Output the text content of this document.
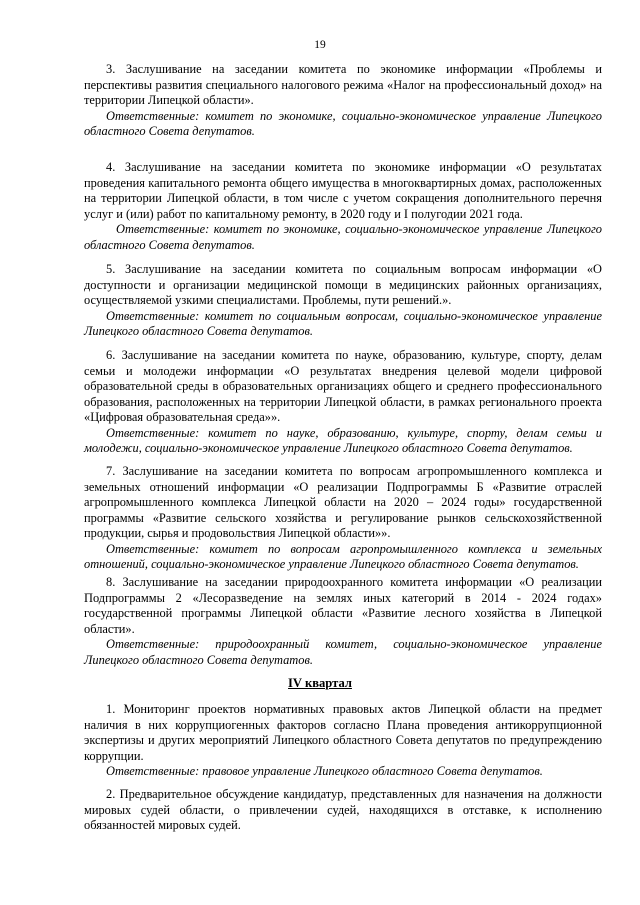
19

3. Заслушивание на заседании комитета по экономике информации «Проблемы и перспективы развития специального налогового режима «Налог на профессиональный доход» на территории Липецкой области».

Ответственные: комитет по экономике, социально-экономическое управление Липецкого областного Совета депутатов.

4. Заслушивание на заседании комитета по экономике информации «О результатах проведения капитального ремонта общего имущества в многоквартирных домах, расположенных на территории Липецкой области, в том числе с учетом сокращения дополнительного перечня услуг и (или) работ по капитальному ремонту, в 2020 году и I полугодии 2021 года.

Ответственные: комитет по экономике, социально-экономическое управление Липецкого областного Совета депутатов.

5. Заслушивание на заседании комитета по социальным вопросам информации «О доступности и организации медицинской помощи в медицинских районных организациях, осуществляемой узкими специалистами. Проблемы, пути решений.».

Ответственные: комитет по социальным вопросам, социально-экономическое управление Липецкого областного Совета депутатов.

6. Заслушивание на заседании комитета по науке, образованию, культуре, спорту, делам семьи и молодежи информации «О результатах внедрения целевой модели цифровой образовательной среды в образовательных организациях общего и среднего профессионального образования, расположенных на территории Липецкой области, в рамках регионального проекта «Цифровая образовательная среда»».

Ответственные: комитет по науке, образованию, культуре, спорту, делам семьи и молодежи, социально-экономическое управление Липецкого областного Совета депутатов.

7. Заслушивание на заседании комитета по вопросам агропромышленного комплекса и земельных отношений информации «О реализации Подпрограммы Б «Развитие отраслей агропромышленного комплекса Липецкой области на 2020 – 2024 годы» государственной программы «Развитие сельского хозяйства и регулирование рынков сельскохозяйственной продукции, сырья и продовольствия Липецкой области»».

Ответственные: комитет по вопросам агропромышленного комплекса и земельных отношений, социально-экономическое управление Липецкого областного Совета депутатов.

8. Заслушивание на заседании природоохранного комитета информации «О реализации Подпрограммы 2 «Лесоразведение на землях иных категорий в 2014 - 2024 годах» государственной программы Липецкой области «Развитие лесного хозяйства в Липецкой области».

Ответственные: природоохранный комитет, социально-экономическое управление Липецкого областного Совета депутатов.

IV квартал

1. Мониторинг проектов нормативных правовых актов Липецкой области на предмет наличия в них коррупциогенных факторов согласно Плана проведения антикоррупционной экспертизы и других мероприятий Липецкого областного Совета депутатов по предупреждению коррупции.

Ответственные: правовое управление Липецкого областного Совета депутатов.

2. Предварительное обсуждение кандидатур, представленных для назначения на должности мировых судей области, о привлечении судей, находящихся в отставке, к исполнению обязанностей мировых судей.
